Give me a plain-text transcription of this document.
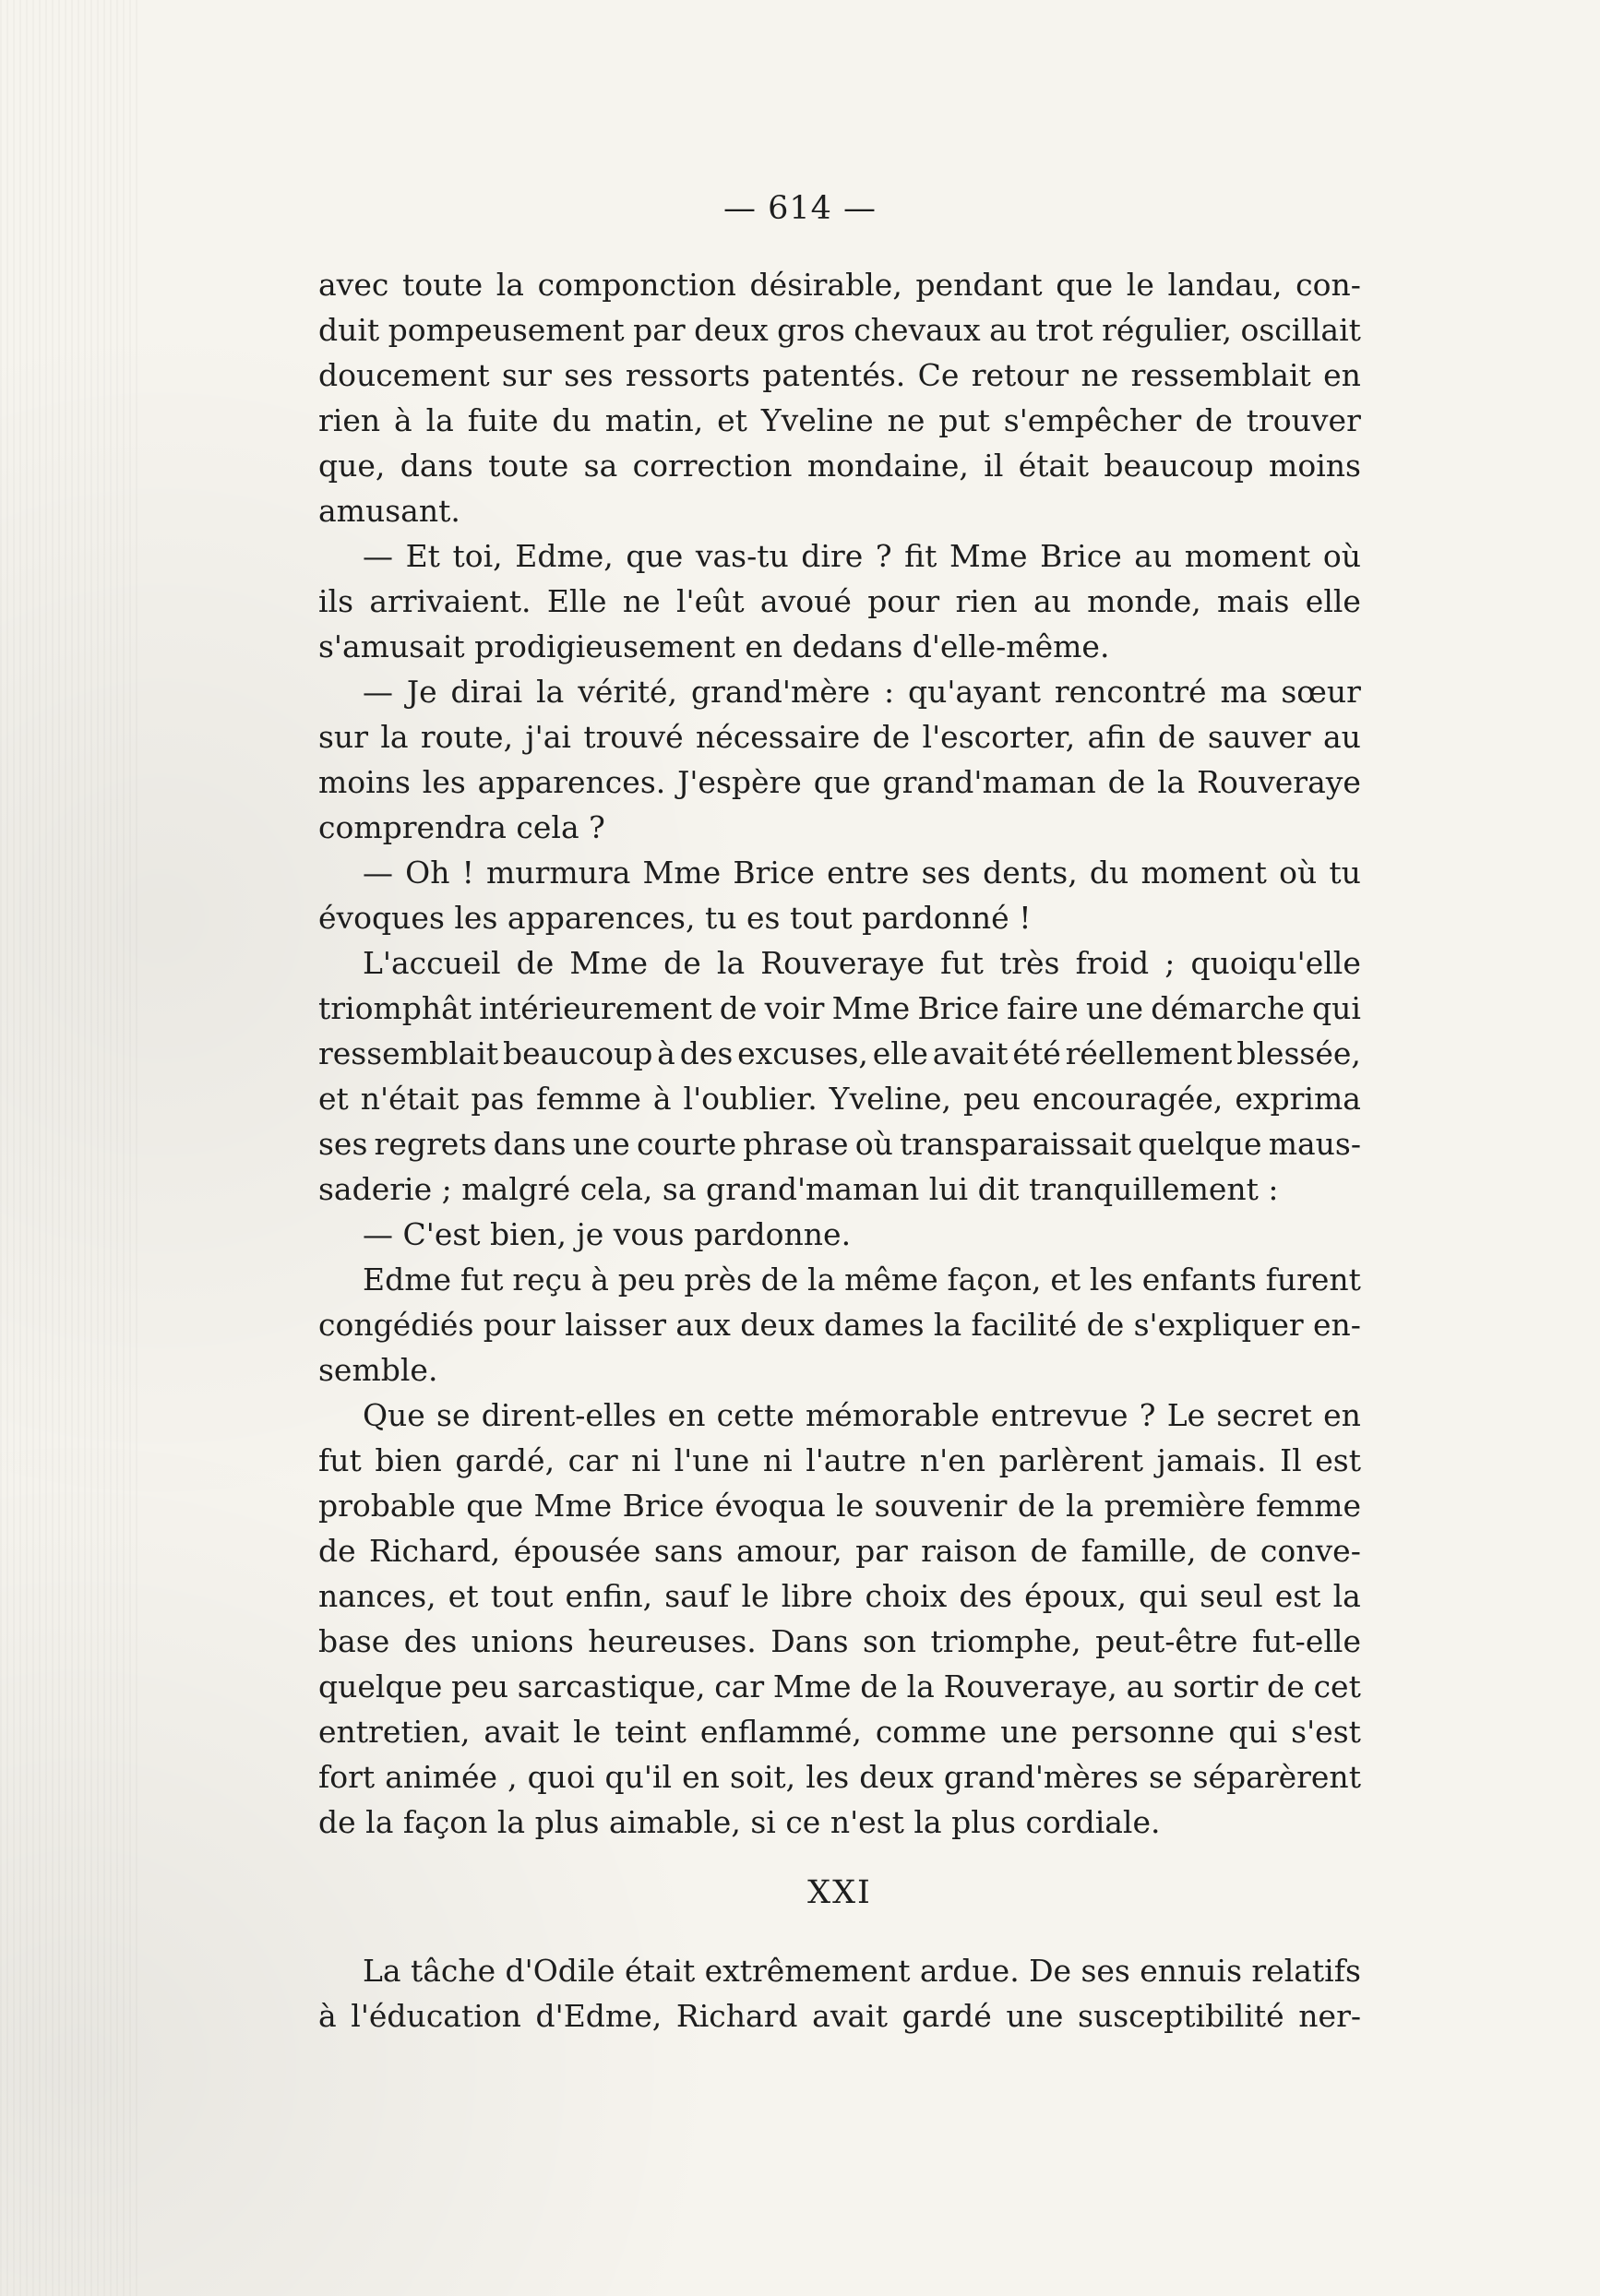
— 614 —
avec toute la componction désirable, pendant que le landau, con-
duit pompeusement par deux gros chevaux au trot régulier, oscillait
doucement sur ses ressorts patentés. Ce retour ne ressemblait en
rien à la fuite du matin, et Yveline ne put s'empêcher de trouver
que, dans toute sa correction mondaine, il était beaucoup moins
amusant.
— Et toi, Edme, que vas-tu dire ? fit Mme Brice au moment où
ils arrivaient. Elle ne l'eût avoué pour rien au monde, mais elle
s'amusait prodigieusement en dedans d'elle-même.
— Je dirai la vérité, grand'mère : qu'ayant rencontré ma sœur
sur la route, j'ai trouvé nécessaire de l'escorter, afin de sauver au
moins les apparences. J'espère que grand'maman de la Rouveraye
comprendra cela ?
— Oh ! murmura Mme Brice entre ses dents, du moment où tu
évoques les apparences, tu es tout pardonné !
L'accueil de Mme de la Rouveraye fut très froid ; quoiqu'elle
triomphât intérieurement de voir Mme Brice faire une démarche qui
ressemblait beaucoup à des excuses, elle avait été réellement blessée,
et n'était pas femme à l'oublier. Yveline, peu encouragée, exprima
ses regrets dans une courte phrase où transparaissait quelque maus-
saderie ; malgré cela, sa grand'maman lui dit tranquillement :
— C'est bien, je vous pardonne.
Edme fut reçu à peu près de la même façon, et les enfants furent
congédiés pour laisser aux deux dames la facilité de s'expliquer en-
semble.
Que se dirent-elles en cette mémorable entrevue ? Le secret en
fut bien gardé, car ni l'une ni l'autre n'en parlèrent jamais. Il est
probable que Mme Brice évoqua le souvenir de la première femme
de Richard, épousée sans amour, par raison de famille, de conve-
nances, et tout enfin, sauf le libre choix des époux, qui seul est la
base des unions heureuses. Dans son triomphe, peut-être fut-elle
quelque peu sarcastique, car Mme de la Rouveraye, au sortir de cet
entretien, avait le teint enflammé, comme une personne qui s'est
fort animée , quoi qu'il en soit, les deux grand'mères se séparèrent
de la façon la plus aimable, si ce n'est la plus cordiale.
XXI
La tâche d'Odile était extrêmement ardue. De ses ennuis relatifs
à l'éducation d'Edme, Richard avait gardé une susceptibilité ner-
